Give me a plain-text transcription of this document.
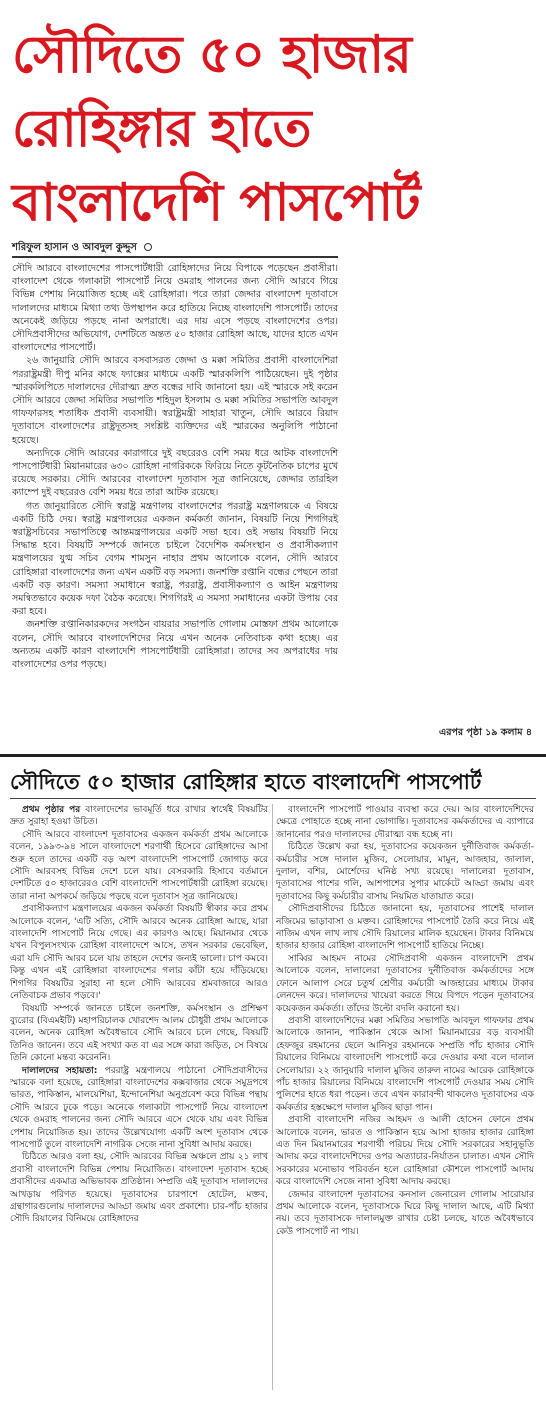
সৌদিতে ৫০ হাজার
রোহিঙ্গার হাতে
বাংলাদেশি পাসপোর্ট
শরিফুল হাসান ও আবদুল কুদ্দুস

সৌদি আরবে বাংলাদেশের পাসপোর্টধারী রোহিঙ্গাদের নিয়ে বিপাকে পড়েছেন প্রবাসীরা। বাংলাদেশ থেকে গলাকাটা পাসপোর্ট নিয়ে ওমরাহ পালনের জন্য সৌদি আরবে গিয়ে বিভিন্ন পেশায় নিয়োজিত হচ্ছে এই রোহিঙ্গারা। পরে তারা জেদ্দার বাংলাদেশ দূতাবাসে দালালদের মাধ্যমে মিথ্যা তথ্য উপস্থাপন করে হাতিয়ে নিচ্ছে বাংলাদেশি পাসপোর্ট। তাদের অনেকেই জড়িয়ে পড়ছে নানা অপরাধে। এর দায় এসে পড়ছে বাংলাদেশের ওপর। সৌদিপ্রবাসীদের অভিযোগ, দেশটিতে অন্তত ৫০ হাজার রোহিঙ্গা আছে, যাদের হাতে এখন বাংলাদেশের পাসপোর্ট।

২৬ জানুয়ারি সৌদি আরবে বসবাসরত জেদ্দা ও মক্কা সমিতির প্রবাসী বাংলাদেশিরা পররাষ্ট্রমন্ত্রী দীপু মনির কাছে ফ্যাক্সের মাধ্যমে একটি স্মারকলিপি পাঠিয়েছেন। দুই পৃষ্ঠার স্মারকলিপিতে দালালদের দৌরাত্ম্য দ্রুত বন্ধের দাবি জানানো হয়। এই স্মারকে সই করেন সৌদি আরবে জেদ্দা সমিতির সভাপতি শহিদুল ইসলাম ও মক্কা সমিতির সভাপতি আবদুল গাফফারসহ শতাধিক প্রবাসী ব্যবসায়ী। স্বরাষ্ট্রমন্ত্রী সাহারা খাতুন, সৌদি আরবে রিয়াদ দূতাবাসে বাংলাদেশের রাষ্ট্রদূতসহ সংশ্লিষ্ট ব্যক্তিদের এই স্মারকের অনুলিপি পাঠানো হয়েছে।

অন্যদিকে সৌদি আরবের কারাগারে দুই বছরেরও বেশি সময় ধরে আটক বাংলাদেশি পাসপোর্টধারী মিয়ানমারের ৬৩০ রোহিঙ্গা নাগরিককে ফিরিয়ে নিতে কূটনৈতিক চাপের মুখে রয়েছে সরকার। সৌদি আরবের বাংলাদেশ দূতাবাস সূত্র জানিয়েছে, জেদ্দার তারহিল ক্যাম্পে দুই বছরেরও বেশি সময় ধরে তারা আটক রয়েছে।

গত জানুয়ারিতে সৌদি স্বরাষ্ট্র মন্ত্রণালয় বাংলাদেশের পররাষ্ট্র মন্ত্রণালয়কে এ বিষয়ে একটি চিঠি দেয়। স্বরাষ্ট্র মন্ত্রণালয়ের একজন কর্মকর্তা জানান, বিষয়টি নিয়ে শিগগিরই স্বরাষ্ট্রসচিবের সভাপতিত্বে আন্তমন্ত্রণালয়ের একটি সভা হবে। ওই সভায় বিষয়টি নিয়ে সিদ্ধান্ত হবে। বিষয়টি সম্পর্কে জানতে চাইলে বৈদেশিক কর্মসংস্থান ও প্রবাসীকল্যাণ মন্ত্রণালয়ের যুগ্ম সচিব বেগম শামসুন নাহার প্রথম আলোকে বলেন, সৌদি আরবে রোহিঙ্গারা বাংলাদেশের জন্য এখন একটি বড় সমস্যা। জনশক্তি রপ্তানি বন্ধের পেছনে তারা একটি বড় কারণ। সমস্যা সমাধানে স্বরাষ্ট্র, পররাষ্ট্র, প্রবাসীকল্যাণ ও আইন মন্ত্রণালয় সমন্বিতভাবে কয়েক দফা বৈঠক করেছে। শিগগিরই এ সমস্যা সমাধানের একটা উপায় বের করা হবে।

জনশক্তি রপ্তানিকারকদের সংগঠন বায়রার সভাপতি গোলাম মোস্তফা প্রথম আলোকে বলেন, সৌদি আরবে বাংলাদেশিদের নিয়ে এখন অনেক নেতিবাচক কথা হচ্ছে। এর অন্যতম একটি কারণ বাংলাদেশি পাসপোর্টধারী রোহিঙ্গারা। তাদের সব অপরাধের দায় বাংলাদেশের ওপর পড়ছে।

এরপর পৃষ্ঠা ১৯ কলাম ৪
সৌদিতে ৫০ হাজার রোহিঙ্গার হাতে বাংলাদেশি পাসপোর্ট

প্রথম পৃষ্ঠার পর বাংলাদেশের ভাবমূর্তি ধরে রাখার স্বার্থেই বিষয়টির দ্রুত সুরাহা হওয়া উচিত।

সৌদি আরবে বাংলাদেশ দূতাবাসের একজন কর্মকর্তা প্রথম আলোকে বলেন, ১৯৯৩-৯৪ সালে বাংলাদেশে শরণার্থী হিসেবে রোহিঙ্গাদের আসা শুরু হলে তাদের একটি বড় অংশ বাংলাদেশি পাসপোর্ট জোগাড় করে সৌদি আরবসহ বিভিন্ন দেশে চলে যায়। বেসরকারি হিসাবে বর্তমানে দেশটিতে ৫০ হাজারেরও বেশি বাংলাদেশি পাসপোর্টধারী রোহিঙ্গা রয়েছে। তারা নানা অপকর্মে জড়িয়ে পড়ছে বলে দূতাবাস সূত্র জানিয়েছে।

প্রবাসীকল্যাণ মন্ত্রণালয়ের একজন কর্মকর্তা বিষয়টি স্বীকার করে প্রথম আলোকে বলেন, 'এটি সত্যি, সৌদি আরবে অনেক রোহিঙ্গা আছে, যারা বাংলাদেশি পাসপোর্ট নিয়ে গেছে। এর কারণও আছে। মিয়ানমার থেকে যখন বিপুলসংখ্যক রোহিঙ্গা বাংলাদেশে আসে, তখন সরকার ভেবেছিল, এরা যদি সৌদি আরব চলে যায় তাহলে দেশের জন্যই ভালো। চাপ কমবে। কিন্তু এখন এই রোহিঙ্গারা বাংলাদেশের গলার কাঁটা হয়ে দাঁড়িয়েছে। শিগগির বিষয়টির সুরাহা না হলে সৌদি আরবের শ্রমবাজারে আরও নেতিবাচক প্রভাব পড়বে।'

বিষয়টি সম্পর্কে জানতে চাইলে জনশক্তি, কর্মসংস্থান ও প্রশিক্ষণ ব্যুরোর (বিএমইটি) মহাপরিচালক খোরশেদ আলম চৌধুরী প্রথম আলোকে বলেন, অনেক রোহিঙ্গা অবৈধভাবে সৌদি আরবে চলে গেছে, বিষয়টি তিনিও জানেন। তবে এই সংখ্যা কত বা এর সঙ্গে কারা জড়িত, সে বিষয়ে তিনি কোনো মন্তব্য করেননি।

দালালদের সহায়তা: পররাষ্ট্র মন্ত্রণালয়ে পাঠানো সৌদিপ্রবাসীদের স্মারকে বলা হয়েছে, রোহিঙ্গারা বাংলাদেশের কক্সবাজার থেকে সমুদ্রপথে ভারত, পাকিস্তান, মালয়েশিয়া, ইন্দোনেশিয়া অনুপ্রবেশ করে বিভিন্ন পন্থায় সৌদি আরবে ঢুকে পড়ে। অনেকে গলাকাটা পাসপোর্ট নিয়ে বাংলাদেশ থেকে ওমরাহ পালনের জন্য সৌদি আরবে এসে থেকে যায় এবং বিভিন্ন পেশায় নিয়োজিত হয়। তাদের উল্লেখযোগ্য একটি অংশ দূতাবাস থেকে পাসপোর্ট তুলে বাংলাদেশি নাগরিক সেজে নানা সুবিধা আদায় করছে।

চিঠিতে আরও বলা হয়, সৌদি আরবের বিভিন্ন অঞ্চলে প্রায় ২১ লাখ প্রবাসী বাংলাদেশি বিভিন্ন পেশায় নিয়োজিত। বাংলাদেশ দূতাবাস হচ্ছে প্রবাসীদের একমাত্র অভিভাবক প্রতিষ্ঠান। সম্প্রতি এই দূতাবাস দালালদের আখড়ায় পরিণত হয়েছে। দূতাবাসের চারপাশে হোটেল, মক্তব, গ্রন্থাগারগুলোয় দালালদের আড্ডা জমায় এবং প্রকাশ্যে। চার-পাঁচ হাজার সৌদি রিয়ালের বিনিময়ে রোহিঙ্গাদের

বাংলাদেশি পাসপোর্ট পাওয়ার ব্যবস্থা করে দেয়। আর বাংলাদেশিদের ক্ষেত্রে পোহাতে হচ্ছে নানা ভোগান্তি। দূতাবাসের কর্মকর্তাদের এ ব্যাপারে জানানোর পরও দালালদের দৌরাত্ম্য বন্ধ হচ্ছে না।

চিঠিতে উল্লেখ করা হয়, দূতাবাসের কয়েকজন দুর্নীতিবাজ কর্মকর্তা-কর্মচারীর সঙ্গে দালাল মুজিব, সেলোয়ার, মামুন, আজহার, জালাল, দুলাল, বশির, মোর্শেদের ঘনিষ্ঠ সখ্য রয়েছে। দালালেরা দূতাবাস, দূতাবাসের পাশের গলি, আশপাশের সুপার মার্কেটে আড্ডা জমায় এবং দূতাবাসের কিছু কর্মচারীর বাসায় নিয়মিত যাতায়াত করে।

সৌদিপ্রবাসীদের চিঠিতে জানানো হয়, দূতাবাসের পাশেই দালাল নজিমের ভাড়াবাসা ও মক্তব। রোহিঙ্গাদের পাসপোর্ট তৈরি করে নিয়ে এই নাজিম এখন লাখ লাখ সৌদি রিয়ালের মালিক হয়েছেন। টাকার বিনিময়ে হাজার হাজার রোহিঙ্গা বাংলাদেশি পাসপোর্ট হাতিয়ে নিচ্ছে।

সাব্বির আহমদ নামের সৌদিপ্রবাসী একজন বাংলাদেশি প্রথম আলোকে বলেন, দালালেরা দূতাবাসের দুর্নীতিবাজ কর্মকর্তাদের সঙ্গে ফোনে আলাপ সেরে চতুর্থ শ্রেণীর কর্মচারী আজহারের মাধ্যমে টাকার লেনদেন করে। দালালদের খায়েরা করতে গিয়ে বিপদে পড়েন দূতাবাসের কয়েকজন কর্মকর্তা। তাঁদের উল্টো বদলি করানো হয়।

প্রবাসী বাংলাদেশিদের মক্কা সমিতির সভাপতি আবদুল গাফফার প্রথম আলোকে জানান, পাকিস্তান থেকে আসা মিয়ানমারের বড় ব্যবসায়ী হেফজুর রহমানের ছেলে আনিসুর রহমানকে সম্প্রতি পাঁচ হাজার সৌদি রিয়ালের বিনিময়ে বাংলাদেশি পাসপোর্ট করে দেওয়ার কথা বলে দালাল সেলোয়ার। ২২ জানুয়ারি দালাল মুজিব তারুল নামের আরেক রোহিঙ্গাকে পাঁচ হাজার রিয়ালের বিনিময়ে বাংলাদেশি পাসপোর্ট দেওয়ার সময় সৌদি পুলিশের হাতে ধরা পড়েন। তবে এখন কারাবন্দী থাকলেও দূতাবাসের এক কর্মকর্তার হস্তক্ষেপে দালাল মুজিব ছাড়া পান।

প্রবাসী বাংলাদেশি নজির আহমদ ও আলী হোসেন ফোনে প্রথম আলোকে বলেন, ভারত ও পাকিস্তান হয়ে আসা হাজার হাজার রোহিঙ্গা এত দিন মিয়ানমারের শরণার্থী পরিচয় দিয়ে সৌদি সরকারের সহানুভূতি আদায় করে বাংলাদেশিদের ওপর অত্যাচার-নির্যাতন চালাত। এখন সৌদি সরকারের মনোভাব পরিবর্তন হলে রোহিঙ্গারা কৌশলে পাসপোর্ট আদায় করে বাংলাদেশি সেজে নানা সুবিধা আদায় করছে।

জেদ্দার বাংলাদেশ দূতাবাসের কনসাল জেনারেল গোলাম সারোয়ার প্রথম আলোকে বলেন, দূতাবাসকে ঘিরে কিছু দালাল আছে, এটি মিথ্যা নয়। তবে দূতাবাসকে দালালমুক্ত রাখার চেষ্টা চলছে, যাতে অবৈধভাবে কেউ পাসপোর্ট না পায়।
